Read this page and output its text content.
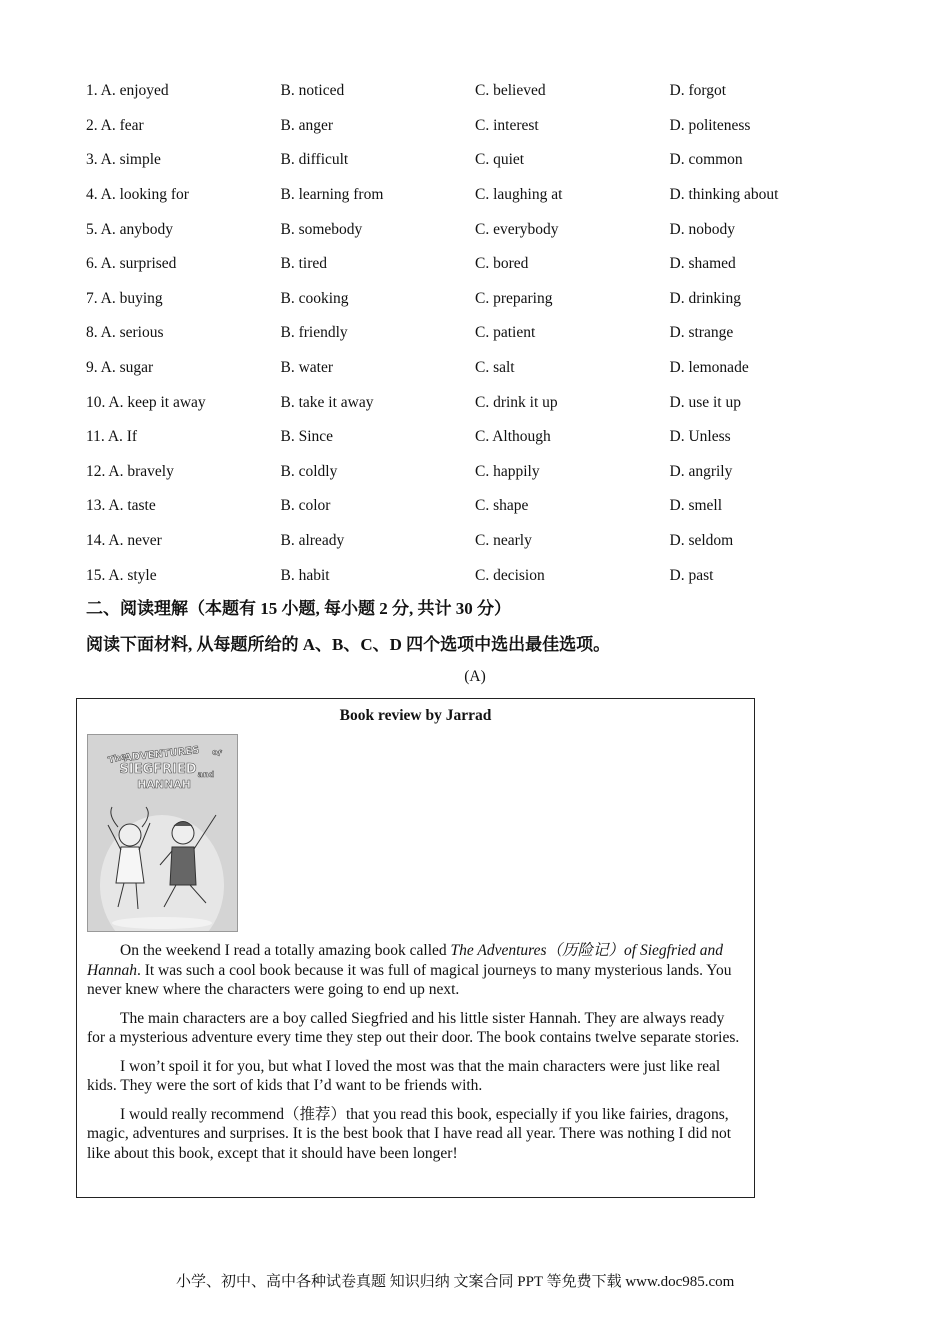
1. A. enjoyed	B. noticed	C. believed	D. forgot
2. A. fear	B. anger	C. interest	D. politeness
3. A. simple	B. difficult	C. quiet	D. common
4. A. looking for	B. learning from	C. laughing at	D. thinking about
5. A. anybody	B. somebody	C. everybody	D. nobody
6. A. surprised	B. tired	C. bored	D. shamed
7. A. buying	B. cooking	C. preparing	D. drinking
8. A. serious	B. friendly	C. patient	D. strange
9. A. sugar	B. water	C. salt	D. lemonade
10. A. keep it away	B. take it away	C. drink it up	D. use it up
11. A. If	B. Since	C. Although	D. Unless
12. A. bravely	B. coldly	C. happily	D. angrily
13. A. taste	B. color	C. shape	D. smell
14. A. never	B. already	C. nearly	D. seldom
15. A. style	B. habit	C. decision	D. past
二、阅读理解（本题有 15 小题, 每小题 2 分, 共计 30 分）
阅读下面材料, 从每题所给的 A、B、C、D 四个选项中选出最佳选项。
(A)
Book review by Jarrad
ADVENTURES
The	of
SIEGFRIED and
HANNAH

On the weekend I read a totally amazing book called The Adventures（历险记）of Siegfried and Hannah. It was such a cool book because it was full of magical journeys to many mysterious lands. You never knew where the characters were going to end up next.

The main characters are a boy called Siegfried and his little sister Hannah. They are always ready for a mysterious adventure every time they step out their door. The book contains twelve separate stories.

I won’t spoil it for you, but what I loved the most was that the main characters were just like real kids. They were the sort of kids that I’d want to be friends with.

I would really recommend（推荐）that you read this book, especially if you like fairies, dragons, magic, adventures and surprises. It is the best book that I have read all year. There was nothing I did not like about this book, except that it should have been longer!

小学、初中、高中各种试卷真题 知识归纳 文案合同 PPT 等免费下载 www.doc985.com
